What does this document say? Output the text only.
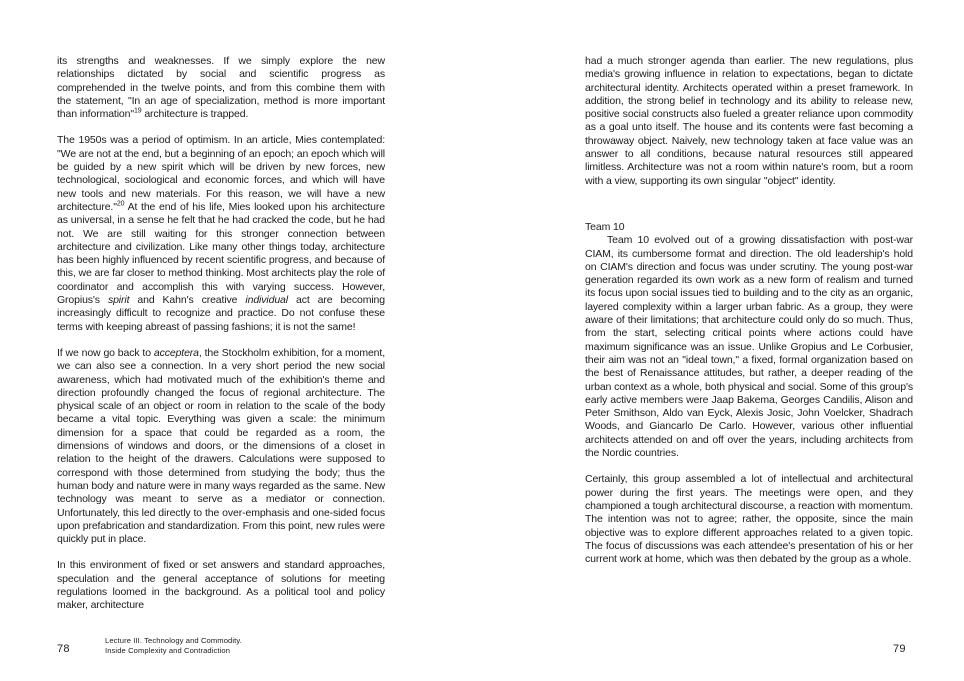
its strengths and weaknesses. If we simply explore the new relationships dictated by social and scientific progress as comprehended in the twelve points, and from this combine them with the statement, "In an age of specialization, method is more important than information"$^{19}$ architecture is trapped.

The 1950s was a period of optimism. In an article, Mies contemplated: "We are not at the end, but a beginning of an epoch; an epoch which will be guided by a new spirit which will be driven by new forces, new technological, sociological and economic forces, and which will have new tools and new materials. For this reason, we will have a new architecture."$^{20}$ At the end of his life, Mies looked upon his architecture as universal, in a sense he felt that he had cracked the code, but he had not. We are still waiting for this stronger connection between architecture and civilization. Like many other things today, architecture has been highly influenced by recent scientific progress, and because of this, we are far closer to method thinking. Most architects play the role of coordinator and accomplish this with varying success. However, Gropius's spirit and Kahn's creative individual act are becoming increasingly difficult to recognize and practice. Do not confuse these terms with keeping abreast of passing fashions; it is not the same!

If we now go back to acceptera, the Stockholm exhibition, for a moment, we can also see a connection. In a very short period the new social awareness, which had motivated much of the exhibition's theme and direction profoundly changed the focus of regional architecture. The physical scale of an object or room in relation to the scale of the body became a vital topic. Everything was given a scale: the minimum dimension for a space that could be regarded as a room, the dimensions of windows and doors, or the dimensions of a closet in relation to the height of the drawers. Calculations were supposed to correspond with those determined from studying the body; thus the human body and nature were in many ways regarded as the same. New technology was meant to serve as a mediator or connection. Unfortunately, this led directly to the over-emphasis and one-sided focus upon prefabrication and standardization. From this point, new rules were quickly put in place.

In this environment of fixed or set answers and standard approaches, speculation and the general acceptance of solutions for meeting regulations loomed in the background. As a political tool and policy maker, architecture

had a much stronger agenda than earlier. The new regulations, plus media's growing influence in relation to expectations, began to dictate architectural identity. Architects operated within a preset framework. In addition, the strong belief in technology and its ability to release new, positive social constructs also fueled a greater reliance upon commodity as a goal unto itself. The house and its contents were fast becoming a throwaway object. Naively, new technology taken at face value was an answer to all conditions, because natural resources still appeared limitless. Architecture was not a room within nature's room, but a room with a view, supporting its own singular "object" identity.

Team 10

Team 10 evolved out of a growing dissatisfaction with post-war CIAM, its cumbersome format and direction. The old leadership's hold on CIAM's direction and focus was under scrutiny. The young post-war generation regarded its own work as a new form of realism and turned its focus upon social issues tied to building and to the city as an organic, layered complexity within a larger urban fabric. As a group, they were aware of their limitations; that architecture could only do so much. Thus, from the start, selecting critical points where actions could have maximum significance was an issue. Unlike Gropius and Le Corbusier, their aim was not an "ideal town," a fixed, formal organization based on the best of Renaissance attitudes, but rather, a deeper reading of the urban context as a whole, both physical and social. Some of this group's early active members were Jaap Bakema, Georges Candilis, Alison and Peter Smithson, Aldo van Eyck, Alexis Josic, John Voelcker, Shadrach Woods, and Giancarlo De Carlo. However, various other influential architects attended on and off over the years, including architects from the Nordic countries.

Certainly, this group assembled a lot of intellectual and architectural power during the first years. The meetings were open, and they championed a tough architectural discourse, a reaction with momentum. The intention was not to agree; rather, the opposite, since the main objective was to explore different approaches related to a given topic. The focus of discussions was each attendee's presentation of his or her current work at home, which was then debated by the group as a whole.

78
Lecture III. Technology and Commodity.
Inside Complexity and Contradiction	79
